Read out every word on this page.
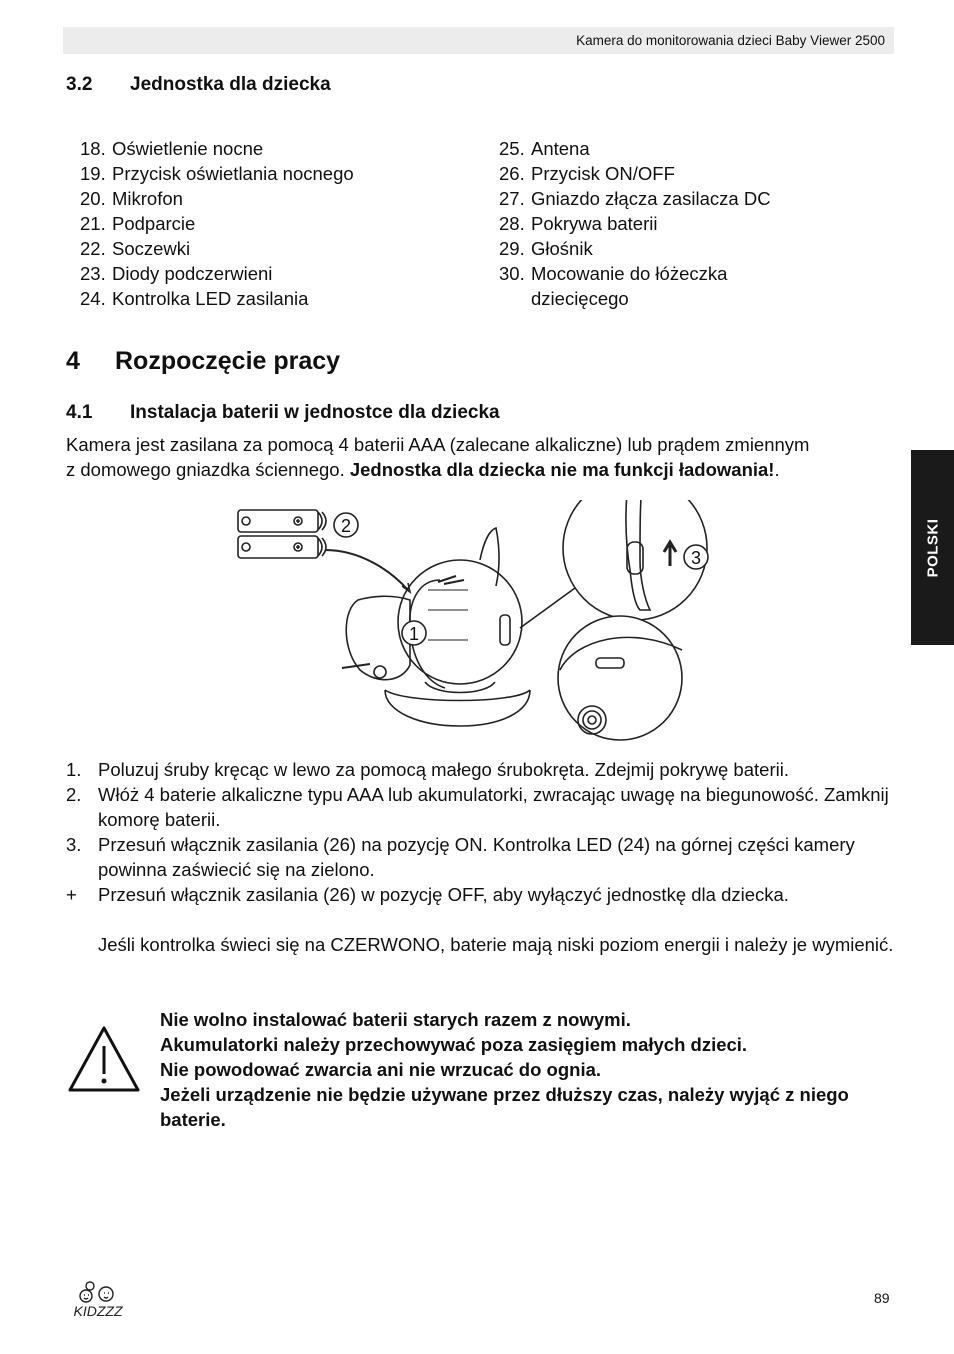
Kamera do monitorowania dzieci Baby Viewer 2500
3.2 Jednostka dla dziecka
18. Oświetlenie nocne
19. Przycisk oświetlania nocnego
20. Mikrofon
21. Podparcie
22. Soczewki
23. Diody podczerwieni
24. Kontrolka LED zasilania
25. Antena
26. Przycisk ON/OFF
27. Gniazdo złącza zasilacza DC
28. Pokrywa baterii
29. Głośnik
30. Mocowanie do łóżeczka
dziecięcego
4 Rozpoczęcie pracy
4.1 Instalacja baterii w jednostce dla dziecka
Kamera jest zasilana za pomocą 4 baterii AAA (zalecane alkaliczne) lub prądem zmiennym
z domowego gniazdka ściennego. Jednostka dla dziecka nie ma funkcji ładowania!.
1
2
3
1. Poluzuj śruby kręcąc w lewo za pomocą małego śrubokręta. Zdejmij pokrywę baterii.
2. Włóż 4 baterie alkaliczne typu AAA lub akumulatorki, zwracając uwagę na biegunowość. Zamknij komorę baterii.
3. Przesuń włącznik zasilania (26) na pozycję ON. Kontrolka LED (24) na górnej części kamery powinna zaświecić się na zielono.
+ Przesuń włącznik zasilania (26) w pozycję OFF, aby wyłączyć jednostkę dla dziecka.
Jeśli kontrolka świeci się na CZERWONO, baterie mają niski poziom energii i należy je wymienić.
Nie wolno instalować baterii starych razem z nowymi.
Akumulatorki należy przechowywać poza zasięgiem małych dzieci.
Nie powodować zwarcia ani nie wrzucać do ognia.
Jeżeli urządzenie nie będzie używane przez dłuższy czas, należy wyjąć z niego baterie.
POLSKI
89
KIDZZZ
